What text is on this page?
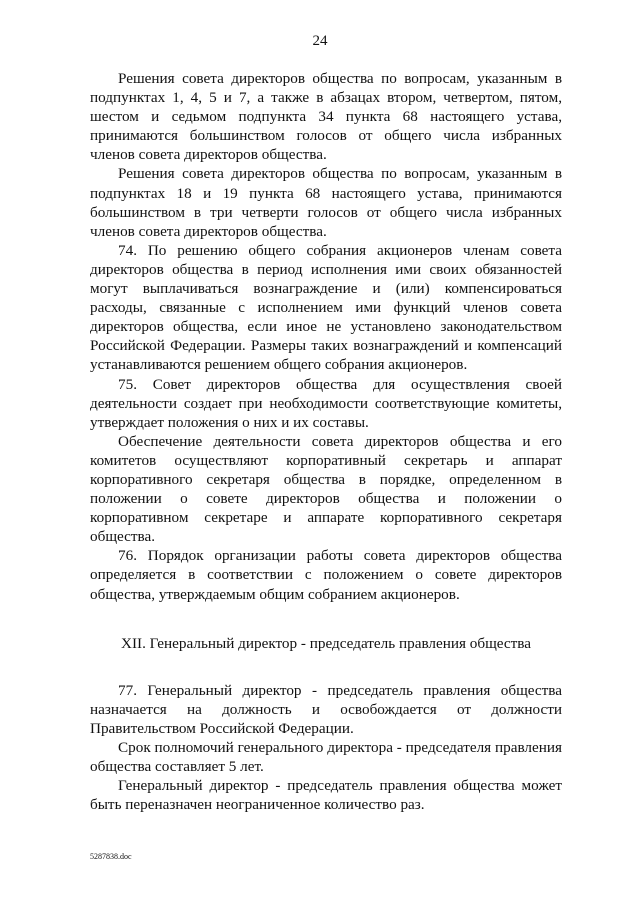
24

Решения совета директоров общества по вопросам, указанным в подпунктах 1, 4, 5 и 7, а также в абзацах втором, четвертом, пятом, шестом и седьмом подпункта 34 пункта 68 настоящего устава, принимаются большинством голосов от общего числа избранных членов совета директоров общества.

Решения совета директоров общества по вопросам, указанным в подпунктах 18 и 19 пункта 68 настоящего устава, принимаются большинством в три четверти голосов от общего числа избранных членов совета директоров общества.

74. По решению общего собрания акционеров членам совета директоров общества в период исполнения ими своих обязанностей могут выплачиваться вознаграждение и (или) компенсироваться расходы, связанные с исполнением ими функций членов совета директоров общества, если иное не установлено законодательством Российской Федерации. Размеры таких вознаграждений и компенсаций устанавливаются решением общего собрания акционеров.

75. Совет директоров общества для осуществления своей деятельности создает при необходимости соответствующие комитеты, утверждает положения о них и их составы.

Обеспечение деятельности совета директоров общества и его комитетов осуществляют корпоративный секретарь и аппарат корпоративного секретаря общества в порядке, определенном в положении о совете директоров общества и положении о корпоративном секретаре и аппарате корпоративного секретаря общества.

76. Порядок организации работы совета директоров общества определяется в соответствии с положением о совете директоров общества, утверждаемым общим собранием акционеров.

XII. Генеральный директор - председатель правления общества

77. Генеральный директор - председатель правления общества назначается на должность и освобождается от должности Правительством Российской Федерации.

Срок полномочий генерального директора - председателя правления общества составляет 5 лет.

Генеральный директор - председатель правления общества может быть переназначен неограниченное количество раз.

5287838.doc
